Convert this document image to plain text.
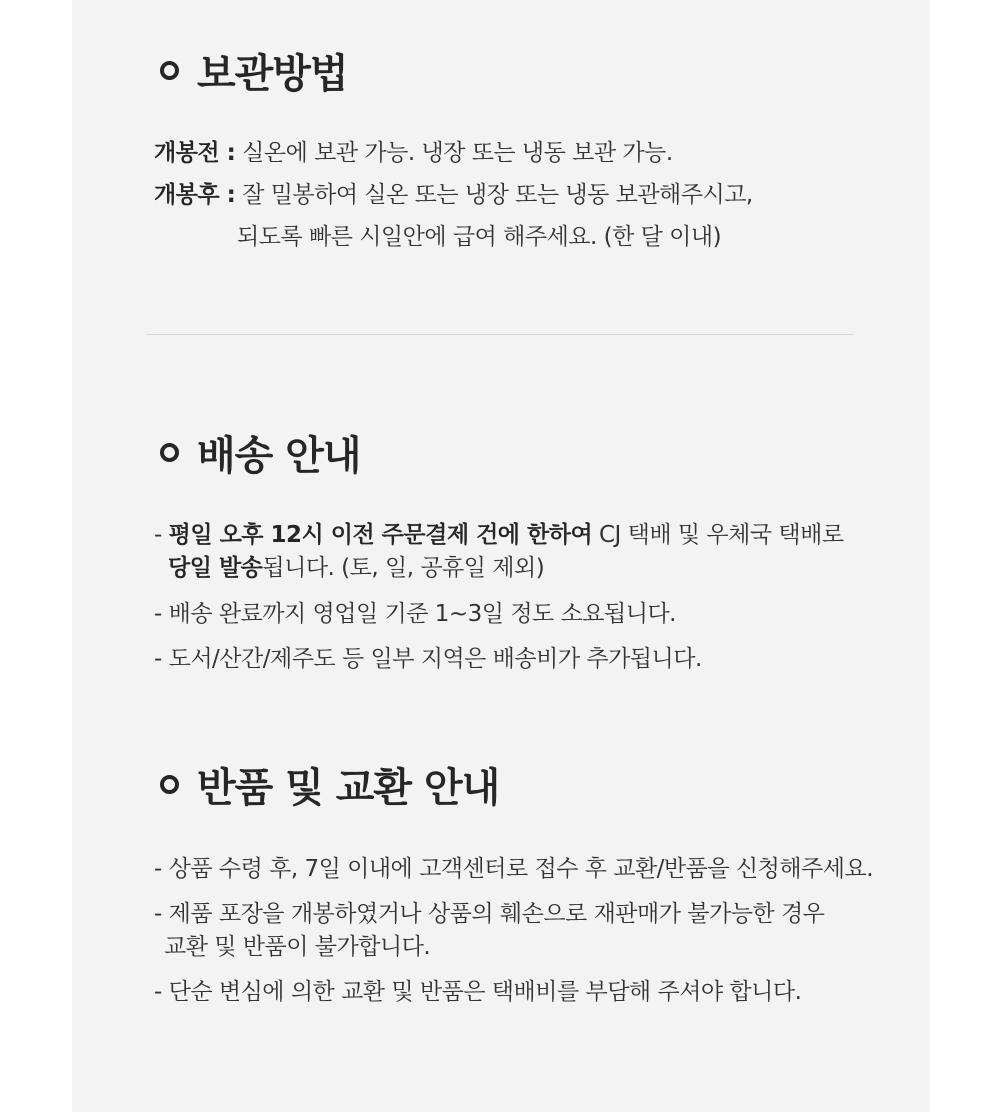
보관방법
개봉전 : 실온에 보관 가능. 냉장 또는 냉동 보관 가능.
개봉후 : 잘 밀봉하여 실온 또는 냉장 또는 냉동 보관해주시고,
되도록 빠른 시일안에 급여 해주세요. (한 달 이내)
배송 안내
- 평일 오후 12시 이전 주문결제 건에 한하여 CJ 택배 및 우체국 택배로
당일 발송됩니다. (토, 일, 공휴일 제외)
- 배송 완료까지 영업일 기준 1~3일 정도 소요됩니다.
- 도서/산간/제주도 등 일부 지역은 배송비가 추가됩니다.
반품 및 교환 안내
- 상품 수령 후, 7일 이내에 고객센터로 접수 후 교환/반품을 신청해주세요.
- 제품 포장을 개봉하였거나 상품의 훼손으로 재판매가 불가능한 경우
교환 및 반품이 불가합니다.
- 단순 변심에 의한 교환 및 반품은 택배비를 부담해 주셔야 합니다.
